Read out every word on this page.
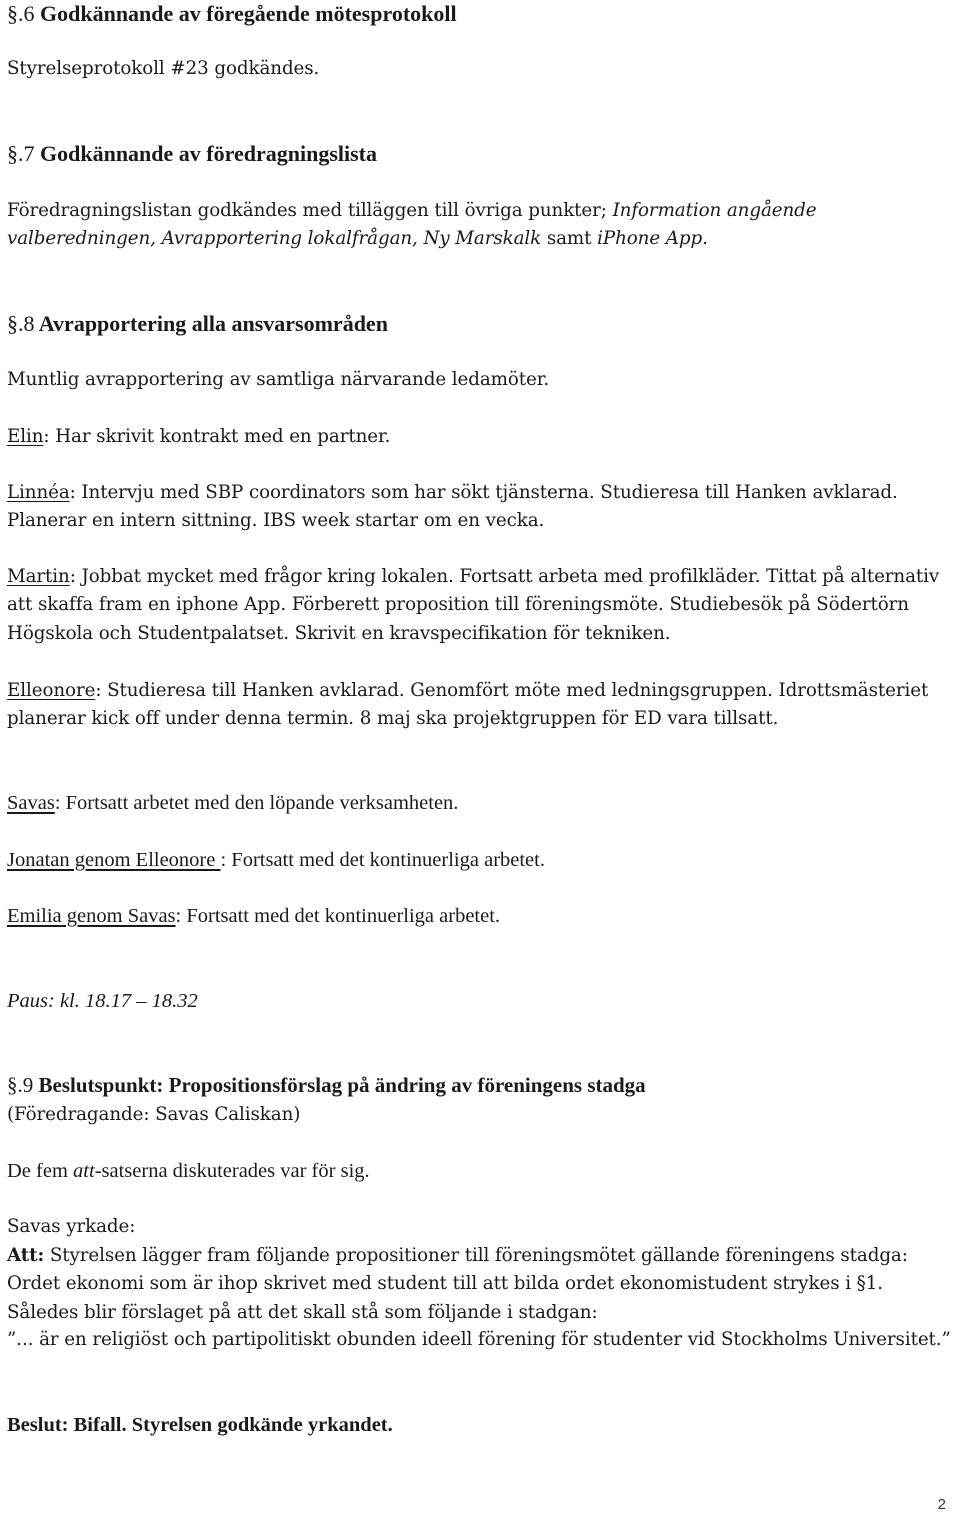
§.6 Godkännande av föregående mötesprotokoll

Styrelseprotokoll #23 godkändes.

§.7 Godkännande av föredragningslista

Föredragningslistan godkändes med tilläggen till övriga punkter; Information angående valberedningen, Avrapportering lokalfrågan, Ny Marskalk samt iPhone App.

§.8 Avrapportering alla ansvarsområden

Muntlig avrapportering av samtliga närvarande ledamöter.

Elin: Har skrivit kontrakt med en partner.

Linnéa: Intervju med SBP coordinators som har sökt tjänsterna. Studieresa till Hanken avklarad. Planerar en intern sittning. IBS week startar om en vecka.

Martin: Jobbat mycket med frågor kring lokalen. Fortsatt arbeta med profilkläder. Tittat på alternativ att skaffa fram en iphone App. Förberett proposition till föreningsmöte. Studiebesök på Södertörn Högskola och Studentpalatset. Skrivit en kravspecifikation för tekniken.

Elleonore: Studieresa till Hanken avklarad. Genomfört möte med ledningsgruppen. Idrottsmästeriet planerar kick off under denna termin. 8 maj ska projektgruppen för ED vara tillsatt.

Savas: Fortsatt arbetet med den löpande verksamheten.

Jonatan genom Elleonore : Fortsatt med det kontinuerliga arbetet.

Emilia genom Savas: Fortsatt med det kontinuerliga arbetet.

Paus: kl. 18.17 – 18.32

§.9 Beslutspunkt: Propositionsförslag på ändring av föreningens stadga

(Föredragande: Savas Caliskan)

De fem att-satserna diskuterades var för sig.

Savas yrkade:

Att: Styrelsen lägger fram följande propositioner till föreningsmötet gällande föreningens stadga: Ordet ekonomi som är ihop skrivet med student till att bilda ordet ekonomistudent strykes i §1. Således blir förslaget på att det skall stå som följande i stadgan:

”... är en religiöst och partipolitiskt obunden ideell förening för studenter vid Stockholms Universitet.”

Beslut: Bifall. Styrelsen godkände yrkandet.

2
